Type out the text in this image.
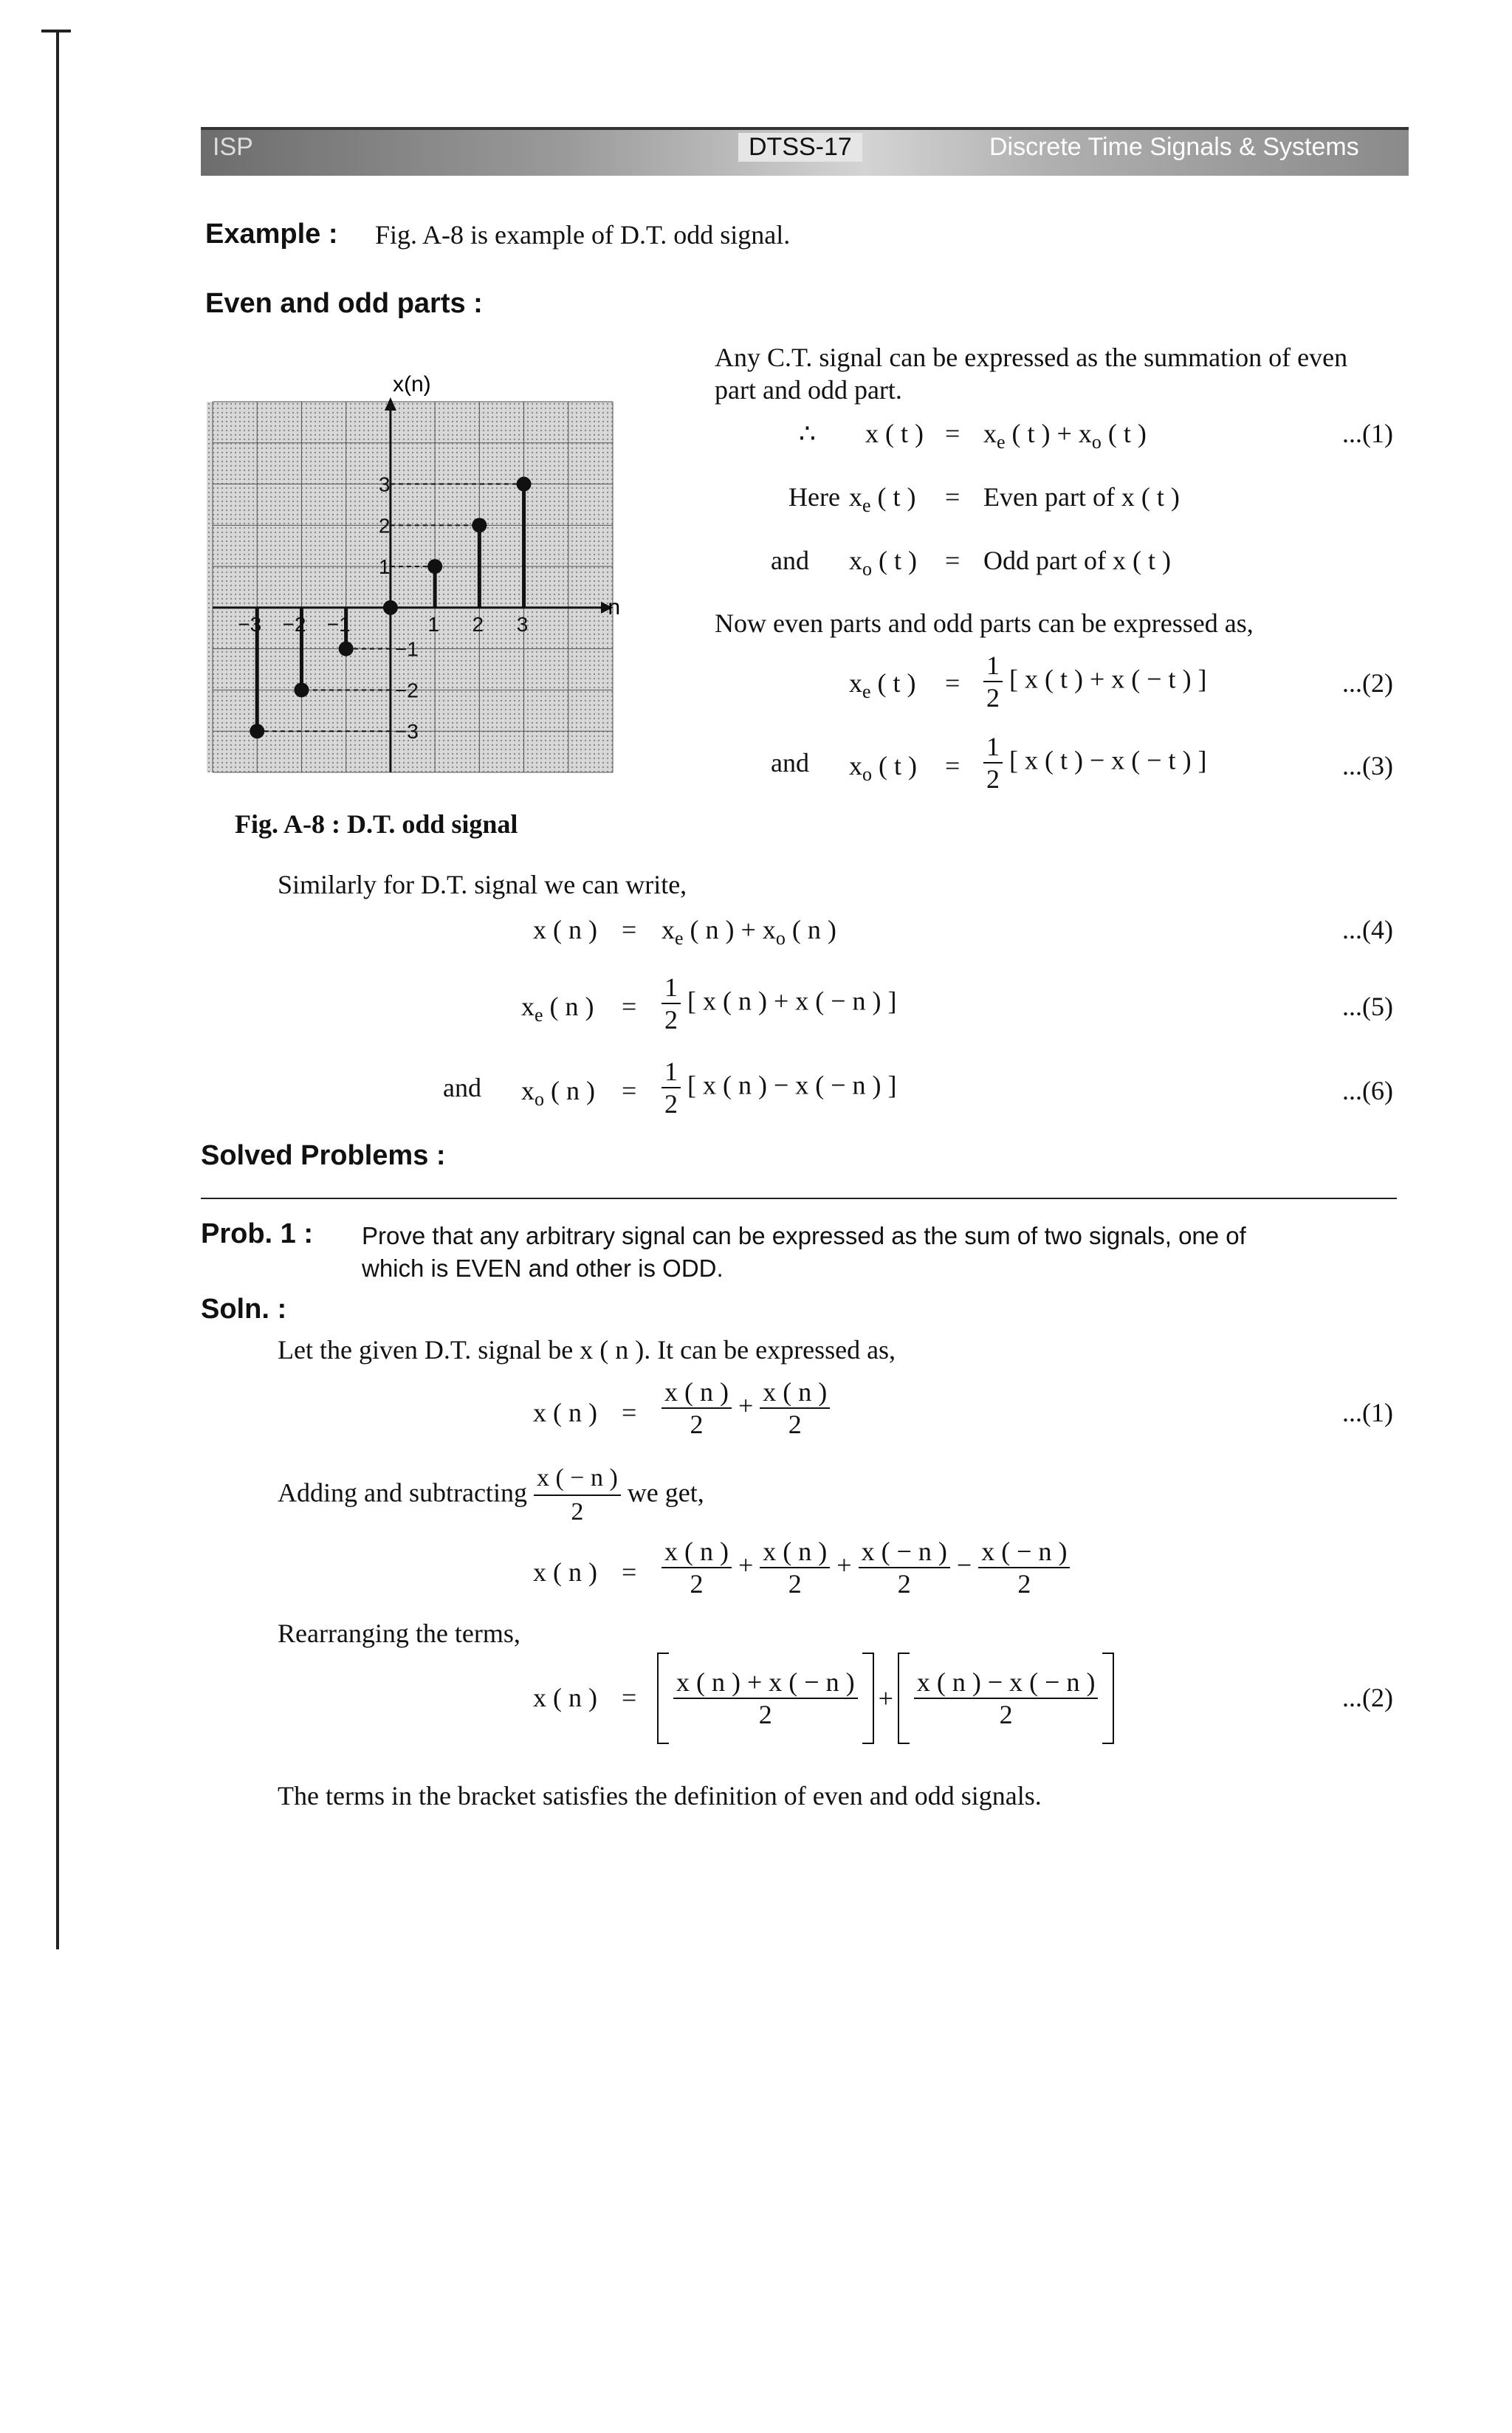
ISP	DTSS-17	Discrete Time Signals & Systems
Example : Fig. A-8 is example of D.T. odd signal.
Even and odd parts :
−3 −2 −1	1 2 3
3
2
1
−1
−2
−3
x(n)
n
Fig. A-8 : D.T. odd signal
Any C.T. signal can be expressed as the summation of even part and odd part.
∴ x ( t ) = $x_e$ ( t ) + $x_o$ ( t )	...(1)
Here $x_e$ ( t ) = Even part of x ( t )
and $x_o$ ( t ) = Odd part of x ( t )
Now even parts and odd parts can be expressed as,
$x_e$ ( t ) = $\frac{1}{2}$ [ x ( t ) + x ( − t ) ]	...(2)
and $x_o$ ( t ) = $\frac{1}{2}$ [ x ( t ) − x ( − t ) ]	...(3)
Similarly for D.T. signal we can write,
x ( n ) = $x_e$ ( n ) + $x_o$ ( n )	...(4)
$x_e$ ( n ) = $\frac{1}{2}$ [ x ( n ) + x ( − n ) ]	...(5)
and $x_o$ ( n ) = $\frac{1}{2}$ [ x ( n ) − x ( − n ) ]	...(6)
Solved Problems :
Prob. 1 : Prove that any arbitrary signal can be expressed as the sum of two signals, one of
which is EVEN and other is ODD.
Soln. :
Let the given D.T. signal be x ( n ). It can be expressed as,
x ( n ) = $\frac{x ( n )}{2} + \frac{x ( n )}{2}$	...(1)
Adding and subtracting $\frac{x ( - n )}{2}$ we get,
x ( n ) = $\frac{x ( n )}{2} + \frac{x ( n )}{2} + \frac{x ( - n )}{2} - \frac{x ( - n )}{2}$
Rearranging the terms,
x ( n ) = $\frac{x ( n ) + x ( - n )}{2} + \frac{x ( n ) - x ( - n )}{2}$	...(2)
The terms in the bracket satisfies the definition of even and odd signals.
